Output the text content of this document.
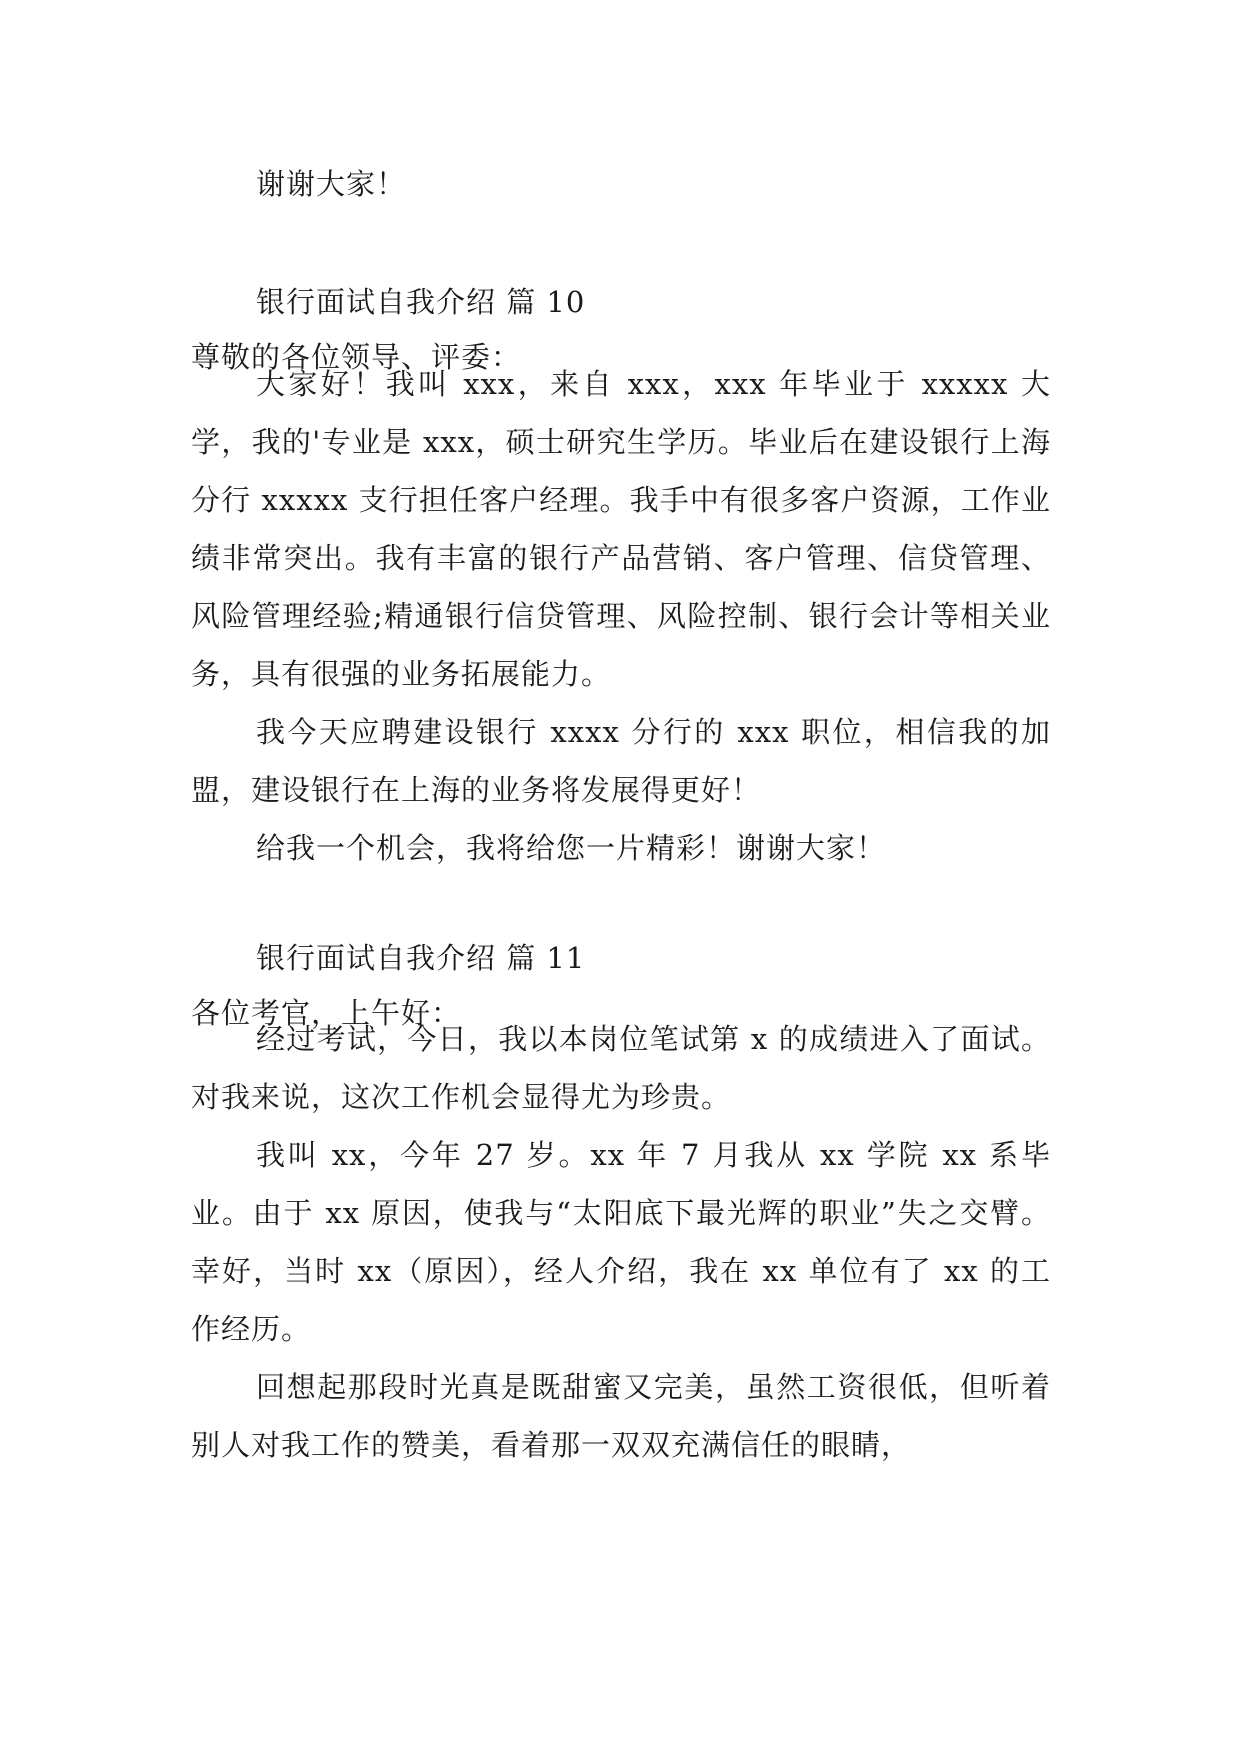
谢谢大家！

银行面试自我介绍 篇 10

尊敬的各位领导、评委：

大家好！我叫 xxx，来自 xxx，xxx 年毕业于 xxxxx 大学，我的'专业是 xxx，硕士研究生学历。毕业后在建设银行上海分行 xxxxx 支行担任客户经理。我手中有很多客户资源，工作业绩非常突出。我有丰富的银行产品营销、客户管理、信贷管理、风险管理经验;精通银行信贷管理、风险控制、银行会计等相关业务，具有很强的业务拓展能力。

我今天应聘建设银行 xxxx 分行的 xxx 职位，相信我的加盟，建设银行在上海的业务将发展得更好！

给我一个机会，我将给您一片精彩！谢谢大家！

银行面试自我介绍 篇 11

各位考官，上午好：

经过考试，今日，我以本岗位笔试第 x 的成绩进入了面试。对我来说，这次工作机会显得尤为珍贵。

我叫 xx，今年 27 岁。xx 年 7 月我从 xx 学院 xx 系毕业。由于 xx 原因，使我与“太阳底下最光辉的职业”失之交臂。幸好，当时 xx（原因），经人介绍，我在 xx 单位有了 xx 的工作经历。

回想起那段时光真是既甜蜜又完美，虽然工资很低，但听着别人对我工作的赞美，看着那一双双充满信任的眼睛，
